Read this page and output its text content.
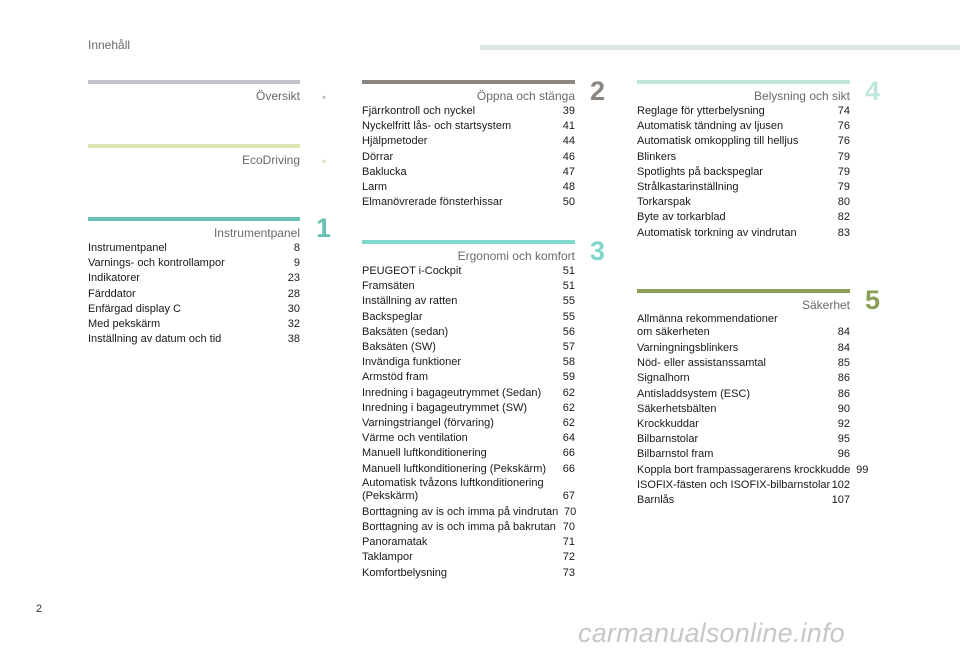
Innehåll
Översikt ▪
EcoDriving ▪
Instrumentpanel 1
Instrumentpanel	8
Varnings- och kontrollampor	9
Indikatorer	23
Färddator	28
Enfärgad display C	30
Med pekskärm	32
Inställning av datum och tid	38
Öppna och stänga 2
Fjärrkontroll och nyckel	39
Nyckelfritt lås- och startsystem	41
Hjälpmetoder	44
Dörrar	46
Baklucka	47
Larm	48
Elmanövrerade fönsterhissar	50
Ergonomi och komfort 3
PEUGEOT i-Cockpit	51
Framsäten	51
Inställning av ratten	55
Backspeglar	55
Baksäten (sedan)	56
Baksäten (SW)	57
Invändiga funktioner	58
Armstöd fram	59
Inredning i bagageutrymmet (Sedan)	62
Inredning i bagageutrymmet (SW)	62
Varningstriangel (förvaring)	62
Värme och ventilation	64
Manuell luftkonditionering	66
Manuell luftkonditionering (Pekskärm)	66
Automatisk tvåzons luftkonditionering
(Pekskärm)	67
Borttagning av is och imma på vindrutan 70
Borttagning av is och imma på bakrutan 70
Panoramatak	71
Taklampor	72
Komfortbelysning	73
Belysning och sikt 4
Reglage för ytterbelysning	74
Automatisk tändning av ljusen	76
Automatisk omkoppling till helljus	76
Blinkers	79
Spotlights på backspeglar	79
Strålkastarinställning	79
Torkarspak	80
Byte av torkarblad	82
Automatisk torkning av vindrutan	83
Säkerhet 5
Allmänna rekommendationer
om säkerheten	84
Varningningsblinkers	84
Nöd- eller assistanssamtal	85
Signalhorn	86
Antisladdsystem (ESC)	86
Säkerhetsbälten	90
Krockkuddar	92
Bilbarnstolar	95
Bilbarnstol fram	96
Koppla bort frampassagerarens krockkudde 99
ISOFIX-fästen och ISOFIX-bilbarnstolar 102
Barnlås	107
2
carmanualsonline.info
